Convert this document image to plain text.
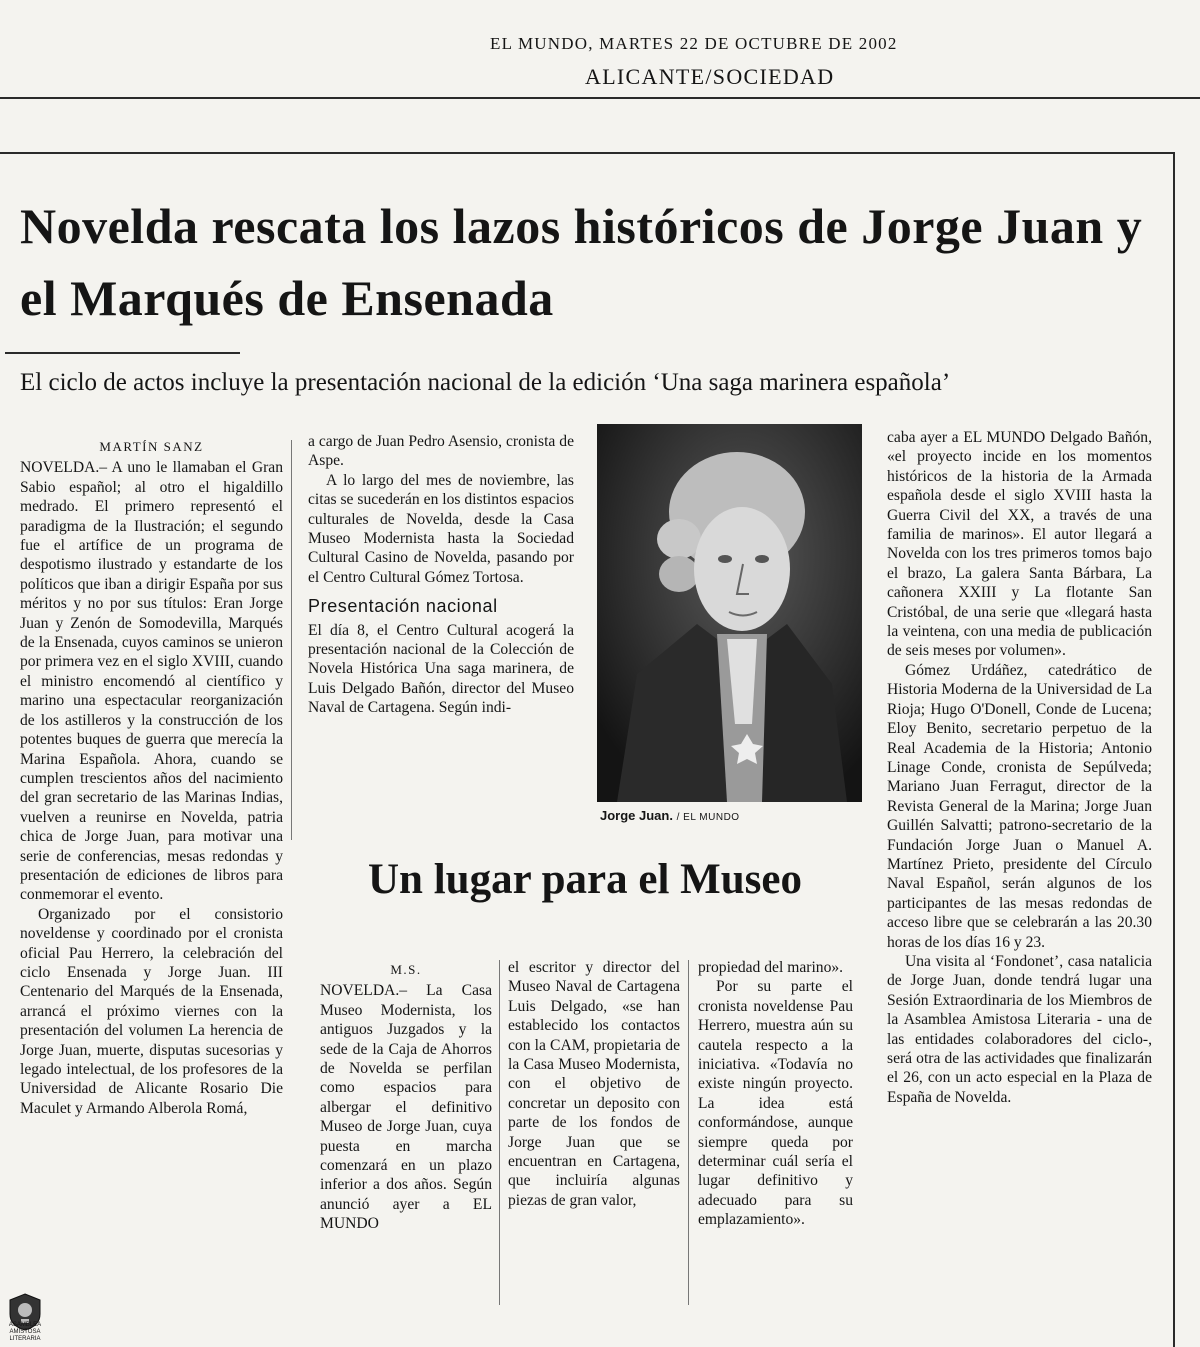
EL MUNDO, MARTES 22 DE OCTUBRE DE 2002
ALICANTE/SOCIEDAD
Novelda rescata los lazos históricos de Jorge Juan y el Marqués de Ensenada
El ciclo de actos incluye la presentación nacional de la edición ‘Una saga marinera española’
MARTÍN SANZ

NOVELDA.– A uno le llamaban el Gran Sabio español; al otro el higaldillo medrado. El primero representó el paradigma de la Ilustración; el segundo fue el artífice de un programa de despotismo ilustrado y estandarte de los políticos que iban a dirigir España por sus méritos y no por sus títulos: Eran Jorge Juan y Zenón de Somodevilla, Marqués de la Ensenada, cuyos caminos se unieron por primera vez en el siglo XVIII, cuando el ministro encomendó al científico y marino una espectacular reorganización de los astilleros y la construcción de los potentes buques de guerra que merecía la Marina Española. Ahora, cuando se cumplen trescientos años del nacimiento del gran secretario de las Marinas Indias, vuelven a reunirse en Novelda, patria chica de Jorge Juan, para motivar una serie de conferencias, mesas redondas y presentación de ediciones de libros para conmemorar el evento.

Organizado por el consistorio noveldense y coordinado por el cronista oficial Pau Herrero, la celebración del ciclo Ensenada y Jorge Juan. III Centenario del Marqués de la Ensenada, arrancá el próximo viernes con la presentación del volumen La herencia de Jorge Juan, muerte, disputas sucesorias y legado intelectual, de los profesores de la Universidad de Alicante Rosario Die Maculet y Armando Alberola Romá,

a cargo de Juan Pedro Asensio, cronista de Aspe.

A lo largo del mes de noviembre, las citas se sucederán en los distintos espacios culturales de Novelda, desde la Casa Museo Modernista hasta la Sociedad Cultural Casino de Novelda, pasando por el Centro Cultural Gómez Tortosa.

Presentación nacional

El día 8, el Centro Cultural acogerá la presentación nacional de la Colección de Novela Histórica Una saga marinera, de Luis Delgado Bañón, director del Museo Naval de Cartagena. Según indi-

Jorge Juan. / EL MUNDO

caba ayer a EL MUNDO Delgado Bañón, «el proyecto incide en los momentos históricos de la historia de la Armada española desde el siglo XVIII hasta la Guerra Civil del XX, a través de una familia de marinos». El autor llegará a Novelda con los tres primeros tomos bajo el brazo, La galera Santa Bárbara, La cañonera XXIII y La flotante San Cristóbal, de una serie que «llegará hasta la veintena, con una media de publicación de seis meses por volumen».

Gómez Urdáñez, catedrático de Historia Moderna de la Universidad de La Rioja; Hugo O'Donell, Conde de Lucena; Eloy Benito, secretario perpetuo de la Real Academia de la Historia; Antonio Linage Conde, cronista de Sepúlveda; Mariano Juan Ferragut, director de la Revista General de la Marina; Jorge Juan Guillén Salvatti; patrono-secretario de la Fundación Jorge Juan o Manuel A. Martínez Prieto, presidente del Círculo Naval Español, serán algunos de los participantes de las mesas redondas de acceso libre que se celebrarán a las 20.30 horas de los días 16 y 23.

Una visita al ‘Fondonet’, casa natalicia de Jorge Juan, donde tendrá lugar una Sesión Extraordinaria de los Miembros de la Asamblea Amistosa Literaria - una de las entidades colaboradores del ciclo-, será otra de las actividades que finalizarán el 26, con un acto especial en la Plaza de España de Novelda.

Un lugar para el Museo
M.S.

NOVELDA.– La Casa Museo Modernista, los antiguos Juzgados y la sede de la Caja de Ahorros de Novelda se perfilan como espacios para albergar el definitivo Museo de Jorge Juan, cuya puesta en marcha comenzará en un plazo inferior a dos años. Según anunció ayer a EL MUNDO

el escritor y director del Museo Naval de Cartagena Luis Delgado, «se han establecido los contactos con la CAM, propietaria de la Casa Museo Modernista, con el objetivo de concretar un deposito con parte de los fondos de Jorge Juan que se encuentran en Cartagena, que incluiría algunas piezas de gran valor,

propiedad del marino».

Por su parte el cronista noveldense Pau Herrero, muestra aún su cautela respecto a la iniciativa. «Todavía no existe ningún proyecto. La idea está conformándose, aunque siempre queda por determinar cuál sería el lugar definitivo y adecuado para su emplazamiento».

ASAMBLEA AMISTOSA LITERARIA
